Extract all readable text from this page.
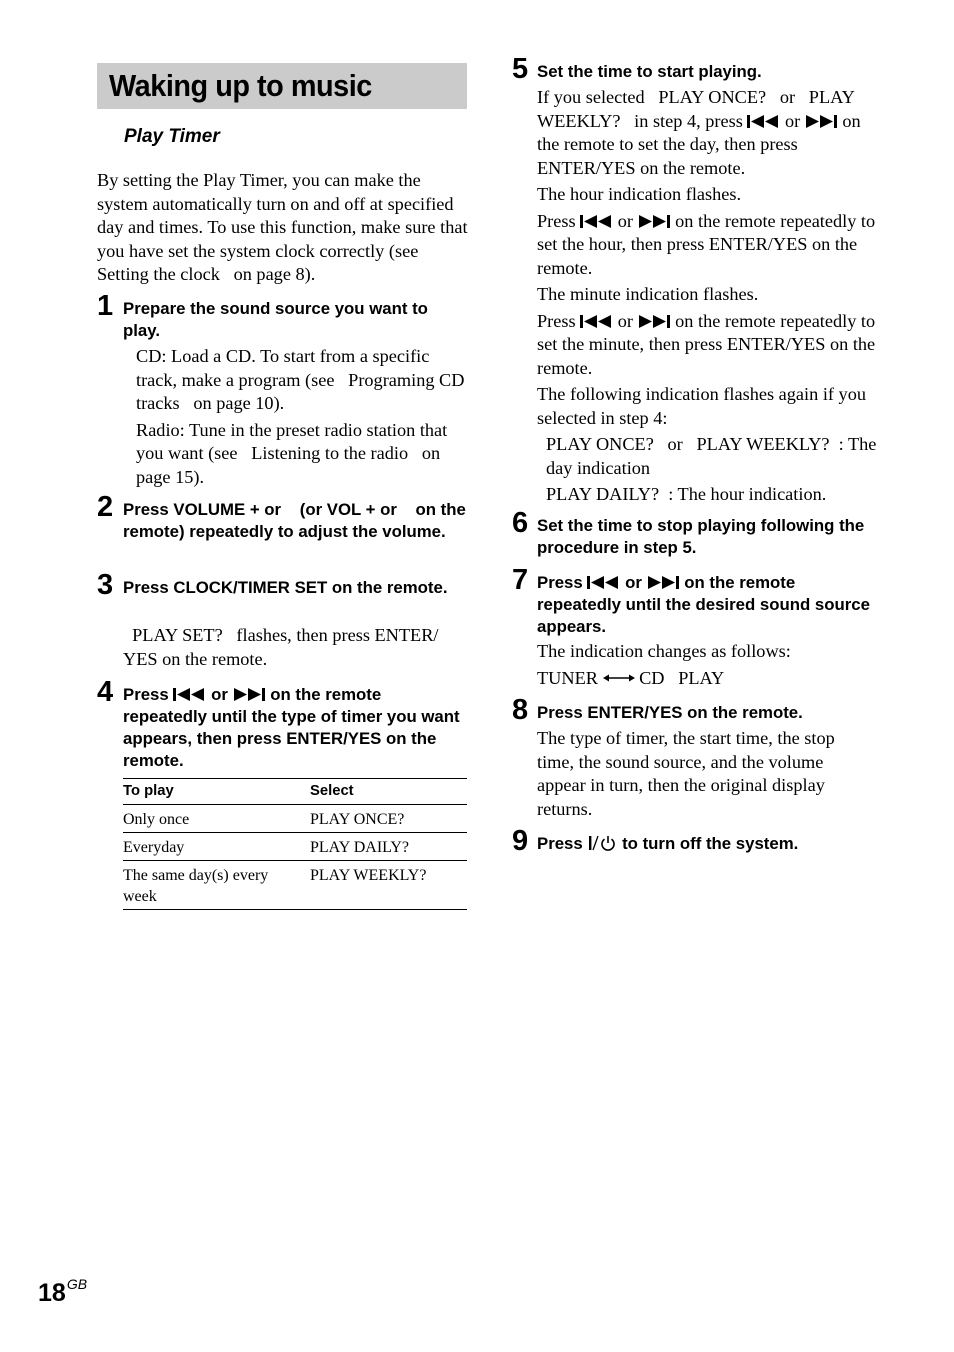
Waking up to music
Play Timer
By setting the Play Timer, you can make the system automatically turn on and off at specified day and times. To use this function, make sure that you have set the system clock correctly (see   Setting the clock   on page 8).
1 Prepare the sound source you want to play.

CD: Load a CD. To start from a specific track, make a program (see   Programing CD tracks   on page 10).

Radio: Tune in the preset radio station that you want (see   Listening to the radio   on page 15).

2 Press VOLUME + or    (or VOL + or    on the remote) repeatedly to adjust the volume.
3 Press CLOCK/TIMER SET on the remote.
PLAY SET?   flashes, then press ENTER/ YES on the remote.
4 Press	or	on the remote repeatedly until the type of timer you want appears, then press ENTER/YES on the remote.
To play	Select
Only once	PLAY ONCE?
Everyday	PLAY DAILY?
The same day(s) every week	PLAY WEEKLY?
5 Set the time to start playing.

If you selected   PLAY ONCE?   or   PLAY WEEKLY?   in step 4, press or on the remote to set the day, then press ENTER/YES on the remote.

The hour indication flashes.

Press or on the remote repeatedly to set the hour, then press ENTER/YES on the remote.

The minute indication flashes.

Press or on the remote repeatedly to set the minute, then press ENTER/YES on the remote.

The following indication flashes again if you selected in step 4:

PLAY ONCE?   or   PLAY WEEKLY?  : The day indication

PLAY DAILY?  : The hour indication.

6 Set the time to stop playing following the procedure in step 5.
7 Press	or	on the remote repeatedly until the desired sound source appears.

The indication changes as follows:

TUNER CD   PLAY

8 Press ENTER/YES on the remote.
The type of timer, the start time, the stop time, the sound source, and the volume appear in turn, then the original display returns.
9 Press to turn off the system.
$18^{GB}$
